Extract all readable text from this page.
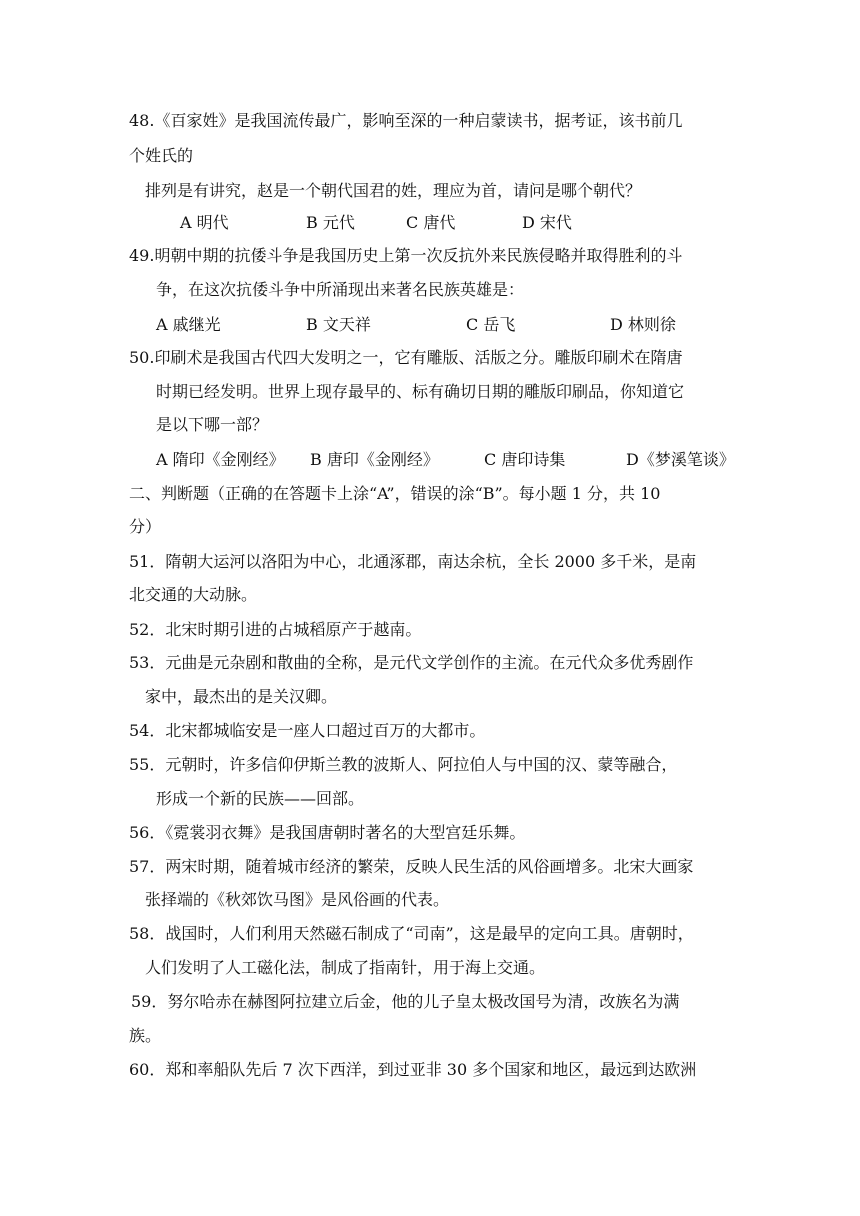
48.《百家姓》是我国流传最广，影响至深的一种启蒙读书，据考证，该书前几
个姓氏的
排列是有讲究，赵是一个朝代国君的姓，理应为首，请问是哪个朝代？
A 明代	B 元代	C 唐代	D 宋代
49.明朝中期的抗倭斗争是我国历史上第一次反抗外来民族侵略并取得胜利的斗
争，在这次抗倭斗争中所涌现出来著名民族英雄是：
A 戚继光	B 文天祥	C 岳飞	D 林则徐
50.印刷术是我国古代四大发明之一，它有雕版、活版之分。雕版印刷术在隋唐
时期已经发明。世界上现存最早的、标有确切日期的雕版印刷品，你知道它
是以下哪一部？
A 隋印《金刚经》 B 唐印《金刚经》	C 唐印诗集	D《梦溪笔谈》
二、判断题（正确的在答题卡上涂“A”，错误的涂“B”。每小题 1 分，共 10
分）
51．隋朝大运河以洛阳为中心，北通涿郡，南达余杭，全长 2000 多千米，是南
北交通的大动脉。
52．北宋时期引进的占城稻原产于越南。
53．元曲是元杂剧和散曲的全称，是元代文学创作的主流。在元代众多优秀剧作
家中，最杰出的是关汉卿。
54．北宋都城临安是一座人口超过百万的大都市。
55．元朝时，许多信仰伊斯兰教的波斯人、阿拉伯人与中国的汉、蒙等融合，
形成一个新的民族——回部。
56．《霓裳羽衣舞》是我国唐朝时著名的大型宫廷乐舞。
57．两宋时期，随着城市经济的繁荣，反映人民生活的风俗画增多。北宋大画家
张择端的《秋郊饮马图》是风俗画的代表。
58．战国时，人们利用天然磁石制成了“司南”，这是最早的定向工具。唐朝时，
人们发明了人工磁化法，制成了指南针，用于海上交通。
59．努尔哈赤在赫图阿拉建立后金，他的儿子皇太极改国号为清，改族名为满
族。
60．郑和率船队先后 7 次下西洋，到过亚非 30 多个国家和地区，最远到达欧洲
